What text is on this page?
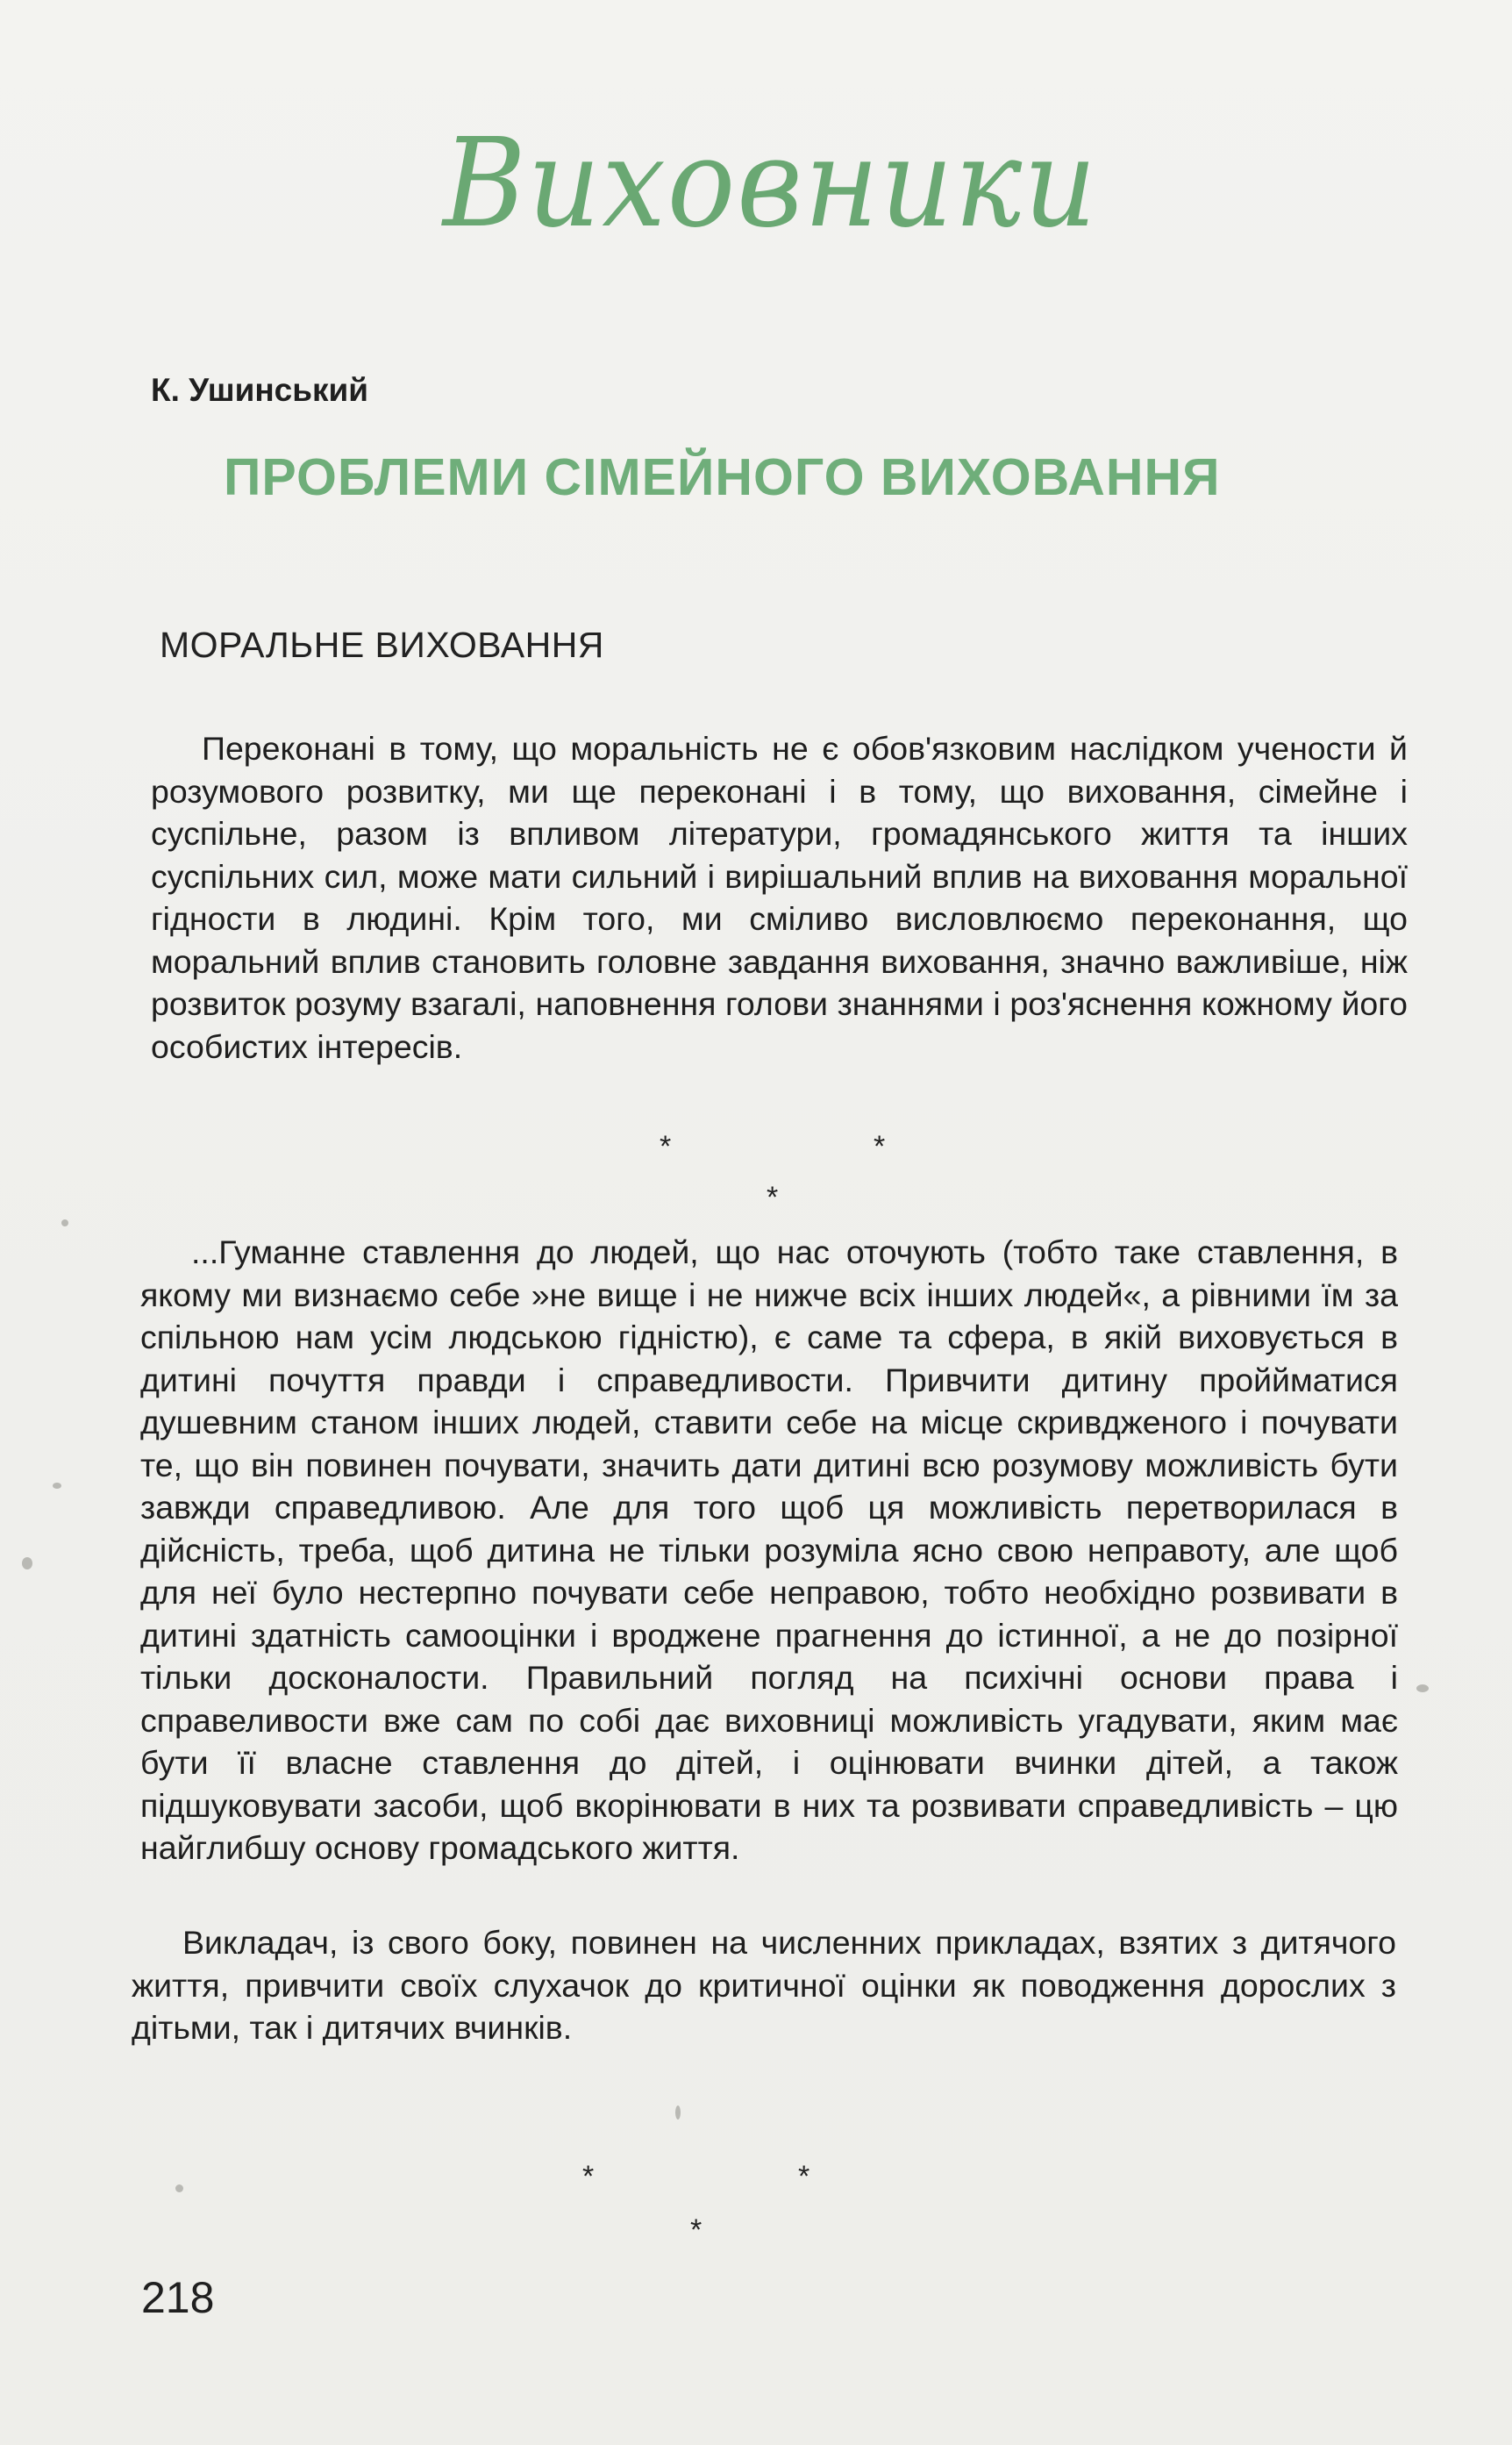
Виховники
К. Ушинський
ПРОБЛЕМИ СІМЕЙНОГО ВИХОВАННЯ
МОРАЛЬНЕ ВИХОВАННЯ

Переконані в тому, що моральність не є обов'язковим наслідком учености й розумового розвитку, ми ще переконані і в тому, що виховання, сімейне і суспільне, разом із впливом літератури, громадянського життя та інших суспільних сил, може мати сильний і вирішальний вплив на виховання моральної гідности в людині. Крім того, ми сміливо висловлюємо переконання, що моральний вплив становить головне завдання виховання, значно важливіше, ніж розвиток розуму взагалі, наповнення голови знаннями і роз'яснення кожному його особистих інтересів.

*	*
*

...Гуманне ставлення до людей, що нас оточують (тобто таке ставлення, в якому ми визнаємо себе »не вище і не нижче всіх інших людей«, а рівними їм за спільною нам усім людською гідністю), є саме та сфера, в якій виховується в дитині почуття правди і справедливости. Привчити дитину проййматися душевним станом інших людей, ставити себе на місце скривдженого і почувати те, що він повинен почувати, значить дати дитині всю розумову можливість бути завжди справедливою. Але для того щоб ця можливість перетворилася в дійсність, треба, щоб дитина не тільки розуміла ясно свою неправоту, але щоб для неї було нестерпно почувати себе неправою, тобто необхідно розвивати в дитині здатність самооцінки і вроджене прагнення до істинної, а не до позірної тільки досконалости. Правильний погляд на психічні основи права і справеливости вже сам по собі дає виховниці можливість угадувати, яким має бути її власне ставлення до дітей, і оцінювати вчинки дітей, а також підшуковувати засоби, щоб вкорінювати в них та розвивати справедливість – цю найглибшу основу громадського життя.

Викладач, із свого боку, повинен на численних прикладах, взятих з дитячого життя, привчити своїх слухачок до критичної оцінки як поводження дорослих з дітьми, так і дитячих вчинків.

*	*
*
218
